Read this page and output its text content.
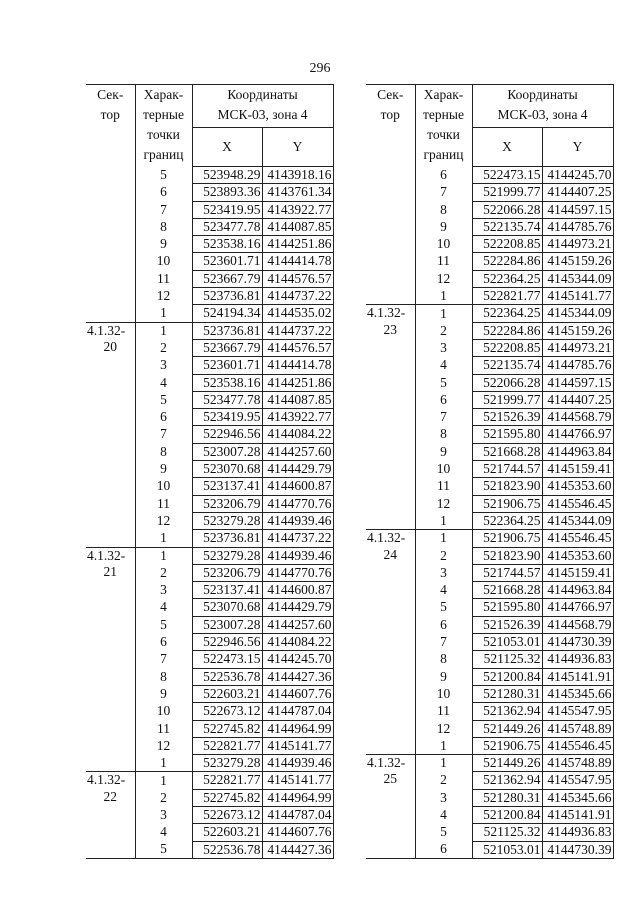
296
Сек-
тор	Харак-
терные
точки
границ	Координаты
МСК-03, зона 4	
		X	Y

	5	523948.29	4143918.16
	6	523893.36	4143761.34
	7	523419.95	4143922.77
	8	523477.78	4144087.85
	9	523538.16	4144251.86
	10	523601.71	4144414.78
	11	523667.79	4144576.57
	12	523736.81	4144737.22
	1	524194.34	4144535.02

4.1.32-
20	1	523736.81	4144737.22
	2	523667.79	4144576.57
	3	523601.71	4144414.78
	4	523538.16	4144251.86
	5	523477.78	4144087.85
	6	523419.95	4143922.77
	7	522946.56	4144084.22
	8	523007.28	4144257.60
	9	523070.68	4144429.79
	10	523137.41	4144600.87
	11	523206.79	4144770.76
	12	523279.28	4144939.46
	1	523736.81	4144737.22

4.1.32-
21	1	523279.28	4144939.46
	2	523206.79	4144770.76
	3	523137.41	4144600.87
	4	523070.68	4144429.79
	5	523007.28	4144257.60
	6	522946.56	4144084.22
	7	522473.15	4144245.70
	8	522536.78	4144427.36
	9	522603.21	4144607.76
	10	522673.12	4144787.04
	11	522745.82	4144964.99
	12	522821.77	4145141.77
	1	523279.28	4144939.46

4.1.32-
22	1	522821.77	4145141.77
	2	522745.82	4144964.99
	3	522673.12	4144787.04
	4	522603.21	4144607.76
	5	522536.78	4144427.36
Сек-
тор	Харак-
терные
точки
границ	Координаты
МСК-03, зона 4	
		X	Y

	6	522473.15	4144245.70
	7	521999.77	4144407.25
	8	522066.28	4144597.15
	9	522135.74	4144785.76
	10	522208.85	4144973.21
	11	522284.86	4145159.26
	12	522364.25	4145344.09
	1	522821.77	4145141.77

4.1.32-
23	1	522364.25	4145344.09
	2	522284.86	4145159.26
	3	522208.85	4144973.21
	4	522135.74	4144785.76
	5	522066.28	4144597.15
	6	521999.77	4144407.25
	7	521526.39	4144568.79
	8	521595.80	4144766.97
	9	521668.28	4144963.84
	10	521744.57	4145159.41
	11	521823.90	4145353.60
	12	521906.75	4145546.45
	1	522364.25	4145344.09

4.1.32-
24	1	521906.75	4145546.45
	2	521823.90	4145353.60
	3	521744.57	4145159.41
	4	521668.28	4144963.84
	5	521595.80	4144766.97
	6	521526.39	4144568.79
	7	521053.01	4144730.39
	8	521125.32	4144936.83
	9	521200.84	4145141.91
	10	521280.31	4145345.66
	11	521362.94	4145547.95
	12	521449.26	4145748.89
	1	521906.75	4145546.45

4.1.32-
25	1	521449.26	4145748.89
	2	521362.94	4145547.95
	3	521280.31	4145345.66
	4	521200.84	4145141.91
	5	521125.32	4144936.83
	6	521053.01	4144730.39
